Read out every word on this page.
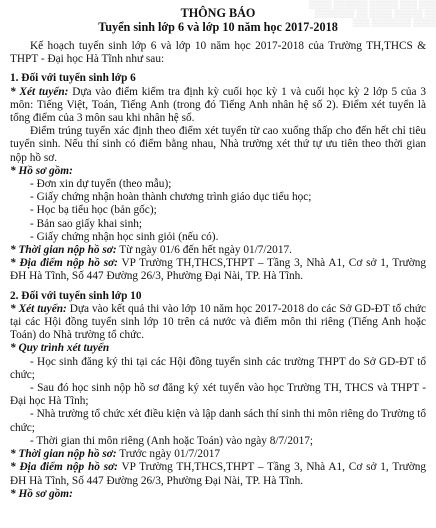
▒▒▒▒ ▒▒▒▒▒▒ ▒▒▒▒▒ ▒▒▒ ▒▒▒
▒▒▒▒▒▒▒ ▒▒ ▒▒▒▒ ▒▒▒▒▒ ▒▒
▒▒▒ ▒▒▒▒▒▒▒ ▒▒▒▒
THÔNG BÁO
Tuyển sinh lớp 6 và lớp 10 năm học 2017-2018

Kế hoạch tuyển sinh lớp 6 và lớp 10 năm học 2017-2018 của Trường TH,THCS & THPT - Đại học Hà Tĩnh như sau:

1. Đối với tuyển sinh lớp 6

* Xét tuyển: Dựa vào điểm kiểm tra định kỳ cuối học kỳ 1 và cuối học kỳ 2 lớp 5 của 3 môn: Tiếng Việt, Toán, Tiếng Anh (trong đó Tiếng Anh nhân hệ số 2). Điểm xét tuyển là tổng điểm của 3 môn sau khi nhân hệ số.

Điểm trúng tuyển xác định theo điểm xét tuyển từ cao xuống thấp cho đến hết chỉ tiêu tuyển sinh. Nếu thí sinh có điểm bằng nhau, Nhà trường xét thứ tự ưu tiên theo thời gian nộp hồ sơ.

* Hồ sơ gồm:

- Đơn xin dự tuyển (theo mẫu);

- Giấy chứng nhận hoàn thành chương trình giáo dục tiểu học;

- Học bạ tiểu học (bản gốc);

- Bản sao giấy khai sinh;

- Giấy chứng nhận học sinh giỏi (nếu có).

* Thời gian nộp hồ sơ: Từ ngày 01/6 đến hết ngày 01/7/2017.

* Địa điểm nộp hồ sơ: VP Trường TH,THCS,THPT – Tầng 3, Nhà A1, Cơ sở 1, Trường ĐH Hà Tĩnh, Số 447 Đường 26/3, Phường Đại Nài, TP. Hà Tĩnh.

2. Đối với tuyển sinh lớp 10

* Xét tuyển: Dựa vào kết quả thi vào lớp 10 năm học 2017-2018 do các Sở GD-ĐT tổ chức tại các Hội đồng tuyển sinh lớp 10 trên cả nước và điểm môn thi riêng (Tiếng Anh hoặc Toán) do Nhà trường tổ chức.

* Quy trình xét tuyển

- Học sinh đăng ký thi tại các Hội đồng tuyển sinh các trường THPT do Sở GD-ĐT tổ chức;

- Sau đó học sinh nộp hồ sơ đăng ký xét tuyển vào học Trường TH, THCS và THPT - Đại học Hà Tĩnh;

- Nhà trường tổ chức xét điều kiện và lập danh sách thí sinh thi môn riêng do Trường tổ chức;

- Thời gian thi môn riêng (Anh hoặc Toán) vào ngày 8/7/2017;

* Thời gian nộp hồ sơ: Trước ngày 01/7/2017

* Địa điểm nộp hồ sơ: VP Trường TH,THCS,THPT – Tầng 3, Nhà A1, Cơ sở 1, Trường ĐH Hà Tĩnh, Số 447 Đường 26/3, Phường Đại Nài, TP. Hà Tĩnh.

* Hồ sơ gồm:
